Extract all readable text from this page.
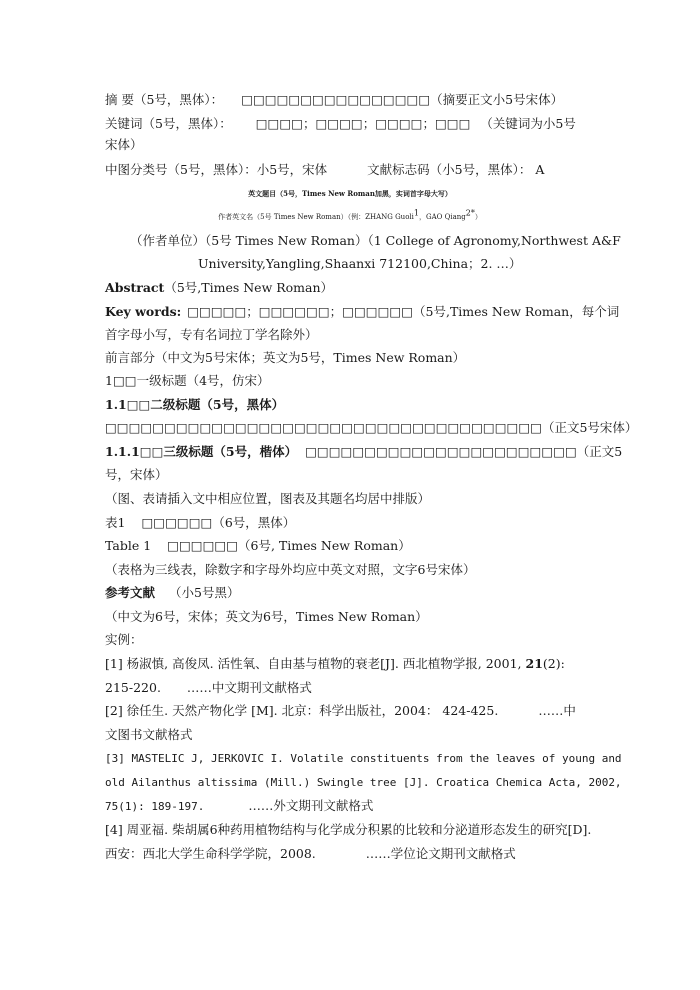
摘 要（5号，黑体）： □□□□□□□□□□□□□□□□（摘要正文小5号宋体）
关键词（5号，黑体）： □□□□；□□□□；□□□□；□□□ （关键词为小5号
宋体）
中图分类号（5号，黑体）：小5号，宋体	文献标志码（小5号，黑体）： A
英文题目（5号，Times New Roman加黑，实词首字母大写）
作者英文名（5号 Times New Roman）（例：ZHANG Guoli$^1$，GAO Qiang$^{2*}$）
（作者单位）（5号 Times New Roman）（1 College of Agronomy,Northwest A&F
University,Yangling,Shaanxi 712100,China；2. …）
Abstract（5号,Times New Roman）
Key words: □□□□□；□□□□□□；□□□□□□（5号,Times New Roman，每个词
首字母小写，专有名词拉丁学名除外）
前言部分（中文为5号宋体；英文为5号，Times New Roman）
1□□一级标题（4号，仿宋）
1.1□□二级标题（5号，黑体）
□□□□□□□□□□□□□□□□□□□□□□□□□□□□□□□□□□□□□（正文5号宋体）
1.1.1□□三级标题（5号，楷体） □□□□□□□□□□□□□□□□□□□□□□□（正文5
号，宋体）
（图、表请插入文中相应位置，图表及其题名均居中排版）
表1 □□□□□□（6号，黑体）
Table 1 □□□□□□（6号, Times New Roman）
（表格为三线表，除数字和字母外均应中英文对照，文字6号宋体）
参考文献 （小5号黑）
（中文为6号，宋体；英文为6号，Times New Roman）
实例：
[1] 杨淑慎, 高俊凤. 活性氧、自由基与植物的衰老[J]. 西北植物学报, 2001, 21(2):
215-220. ……中文期刊文献格式
[2] 徐任生. 天然产物化学 [M]. 北京：科学出版社，2004： 424-425.	……中
文图书文献格式
[3] MASTELIC J, JERKOVIC I. Volatile constituents from the leaves of young and
old Ailanthus altissima (Mill.) Swingle tree [J]. Croatica Chemica Acta, 2002,
75(1): 189-197.	……外文期刊文献格式
[4] 周亚福. 柴胡属6种药用植物结构与化学成分积累的比较和分泌道形态发生的研究[D].
西安：西北大学生命科学学院，2008.	……学位论文期刊文献格式
